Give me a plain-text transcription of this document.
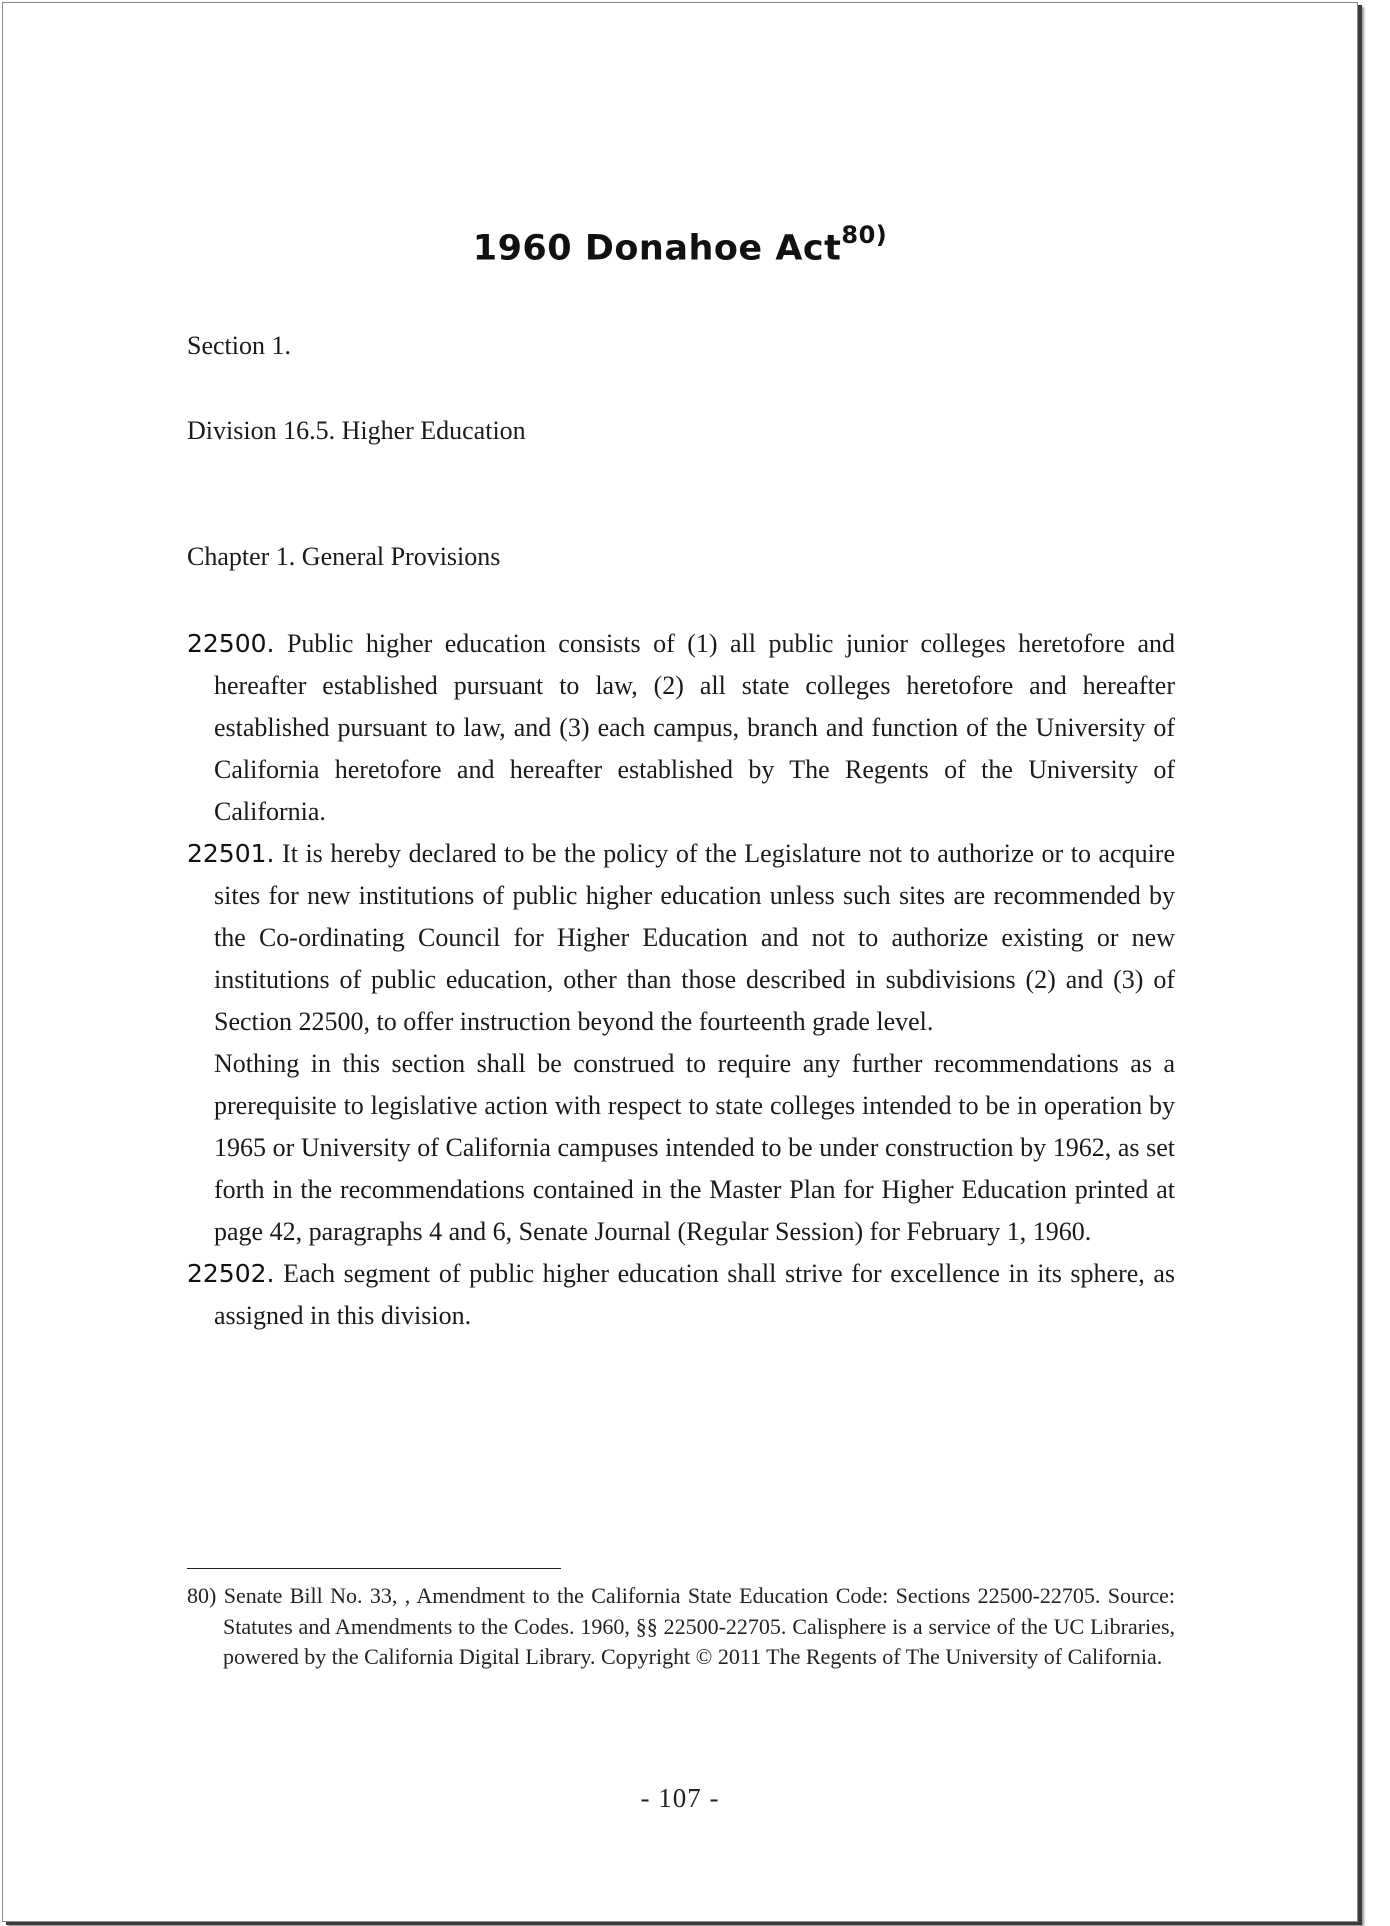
1960 Donahoe Act$^{80)}$
Section 1.
Division 16.5. Higher Education
Chapter 1. General Provisions

22500. Public higher education consists of (1) all public junior colleges heretofore and hereafter established pursuant to law, (2) all state colleges heretofore and hereafter established pursuant to law, and (3) each campus, branch and function of the University of California heretofore and hereafter established by The Regents of the University of California.

22501. It is hereby declared to be the policy of the Legislature not to authorize or to acquire sites for new institutions of public higher education unless such sites are recommended by the Co-ordinating Council for Higher Education and not to authorize existing or new institutions of public education, other than those described in subdivisions (2) and (3) of Section 22500, to offer instruction beyond the fourteenth grade level.

Nothing in this section shall be construed to require any further recommendations as a prerequisite to legislative action with respect to state colleges intended to be in operation by 1965 or University of California campuses intended to be under construction by 1962, as set forth in the recommendations contained in the Master Plan for Higher Education printed at page 42, paragraphs 4 and 6, Senate Journal (Regular Session) for February 1, 1960.

22502. Each segment of public higher education shall strive for excellence in its sphere, as assigned in this division.

80) Senate Bill No. 33, , Amendment to the California State Education Code: Sections 22500-22705. Source: Statutes and Amendments to the Codes. 1960, §§ 22500-22705. Calisphere is a service of the UC Libraries, powered by the California Digital Library. Copyright © 2011 The Regents of The University of California.
- 107 -
